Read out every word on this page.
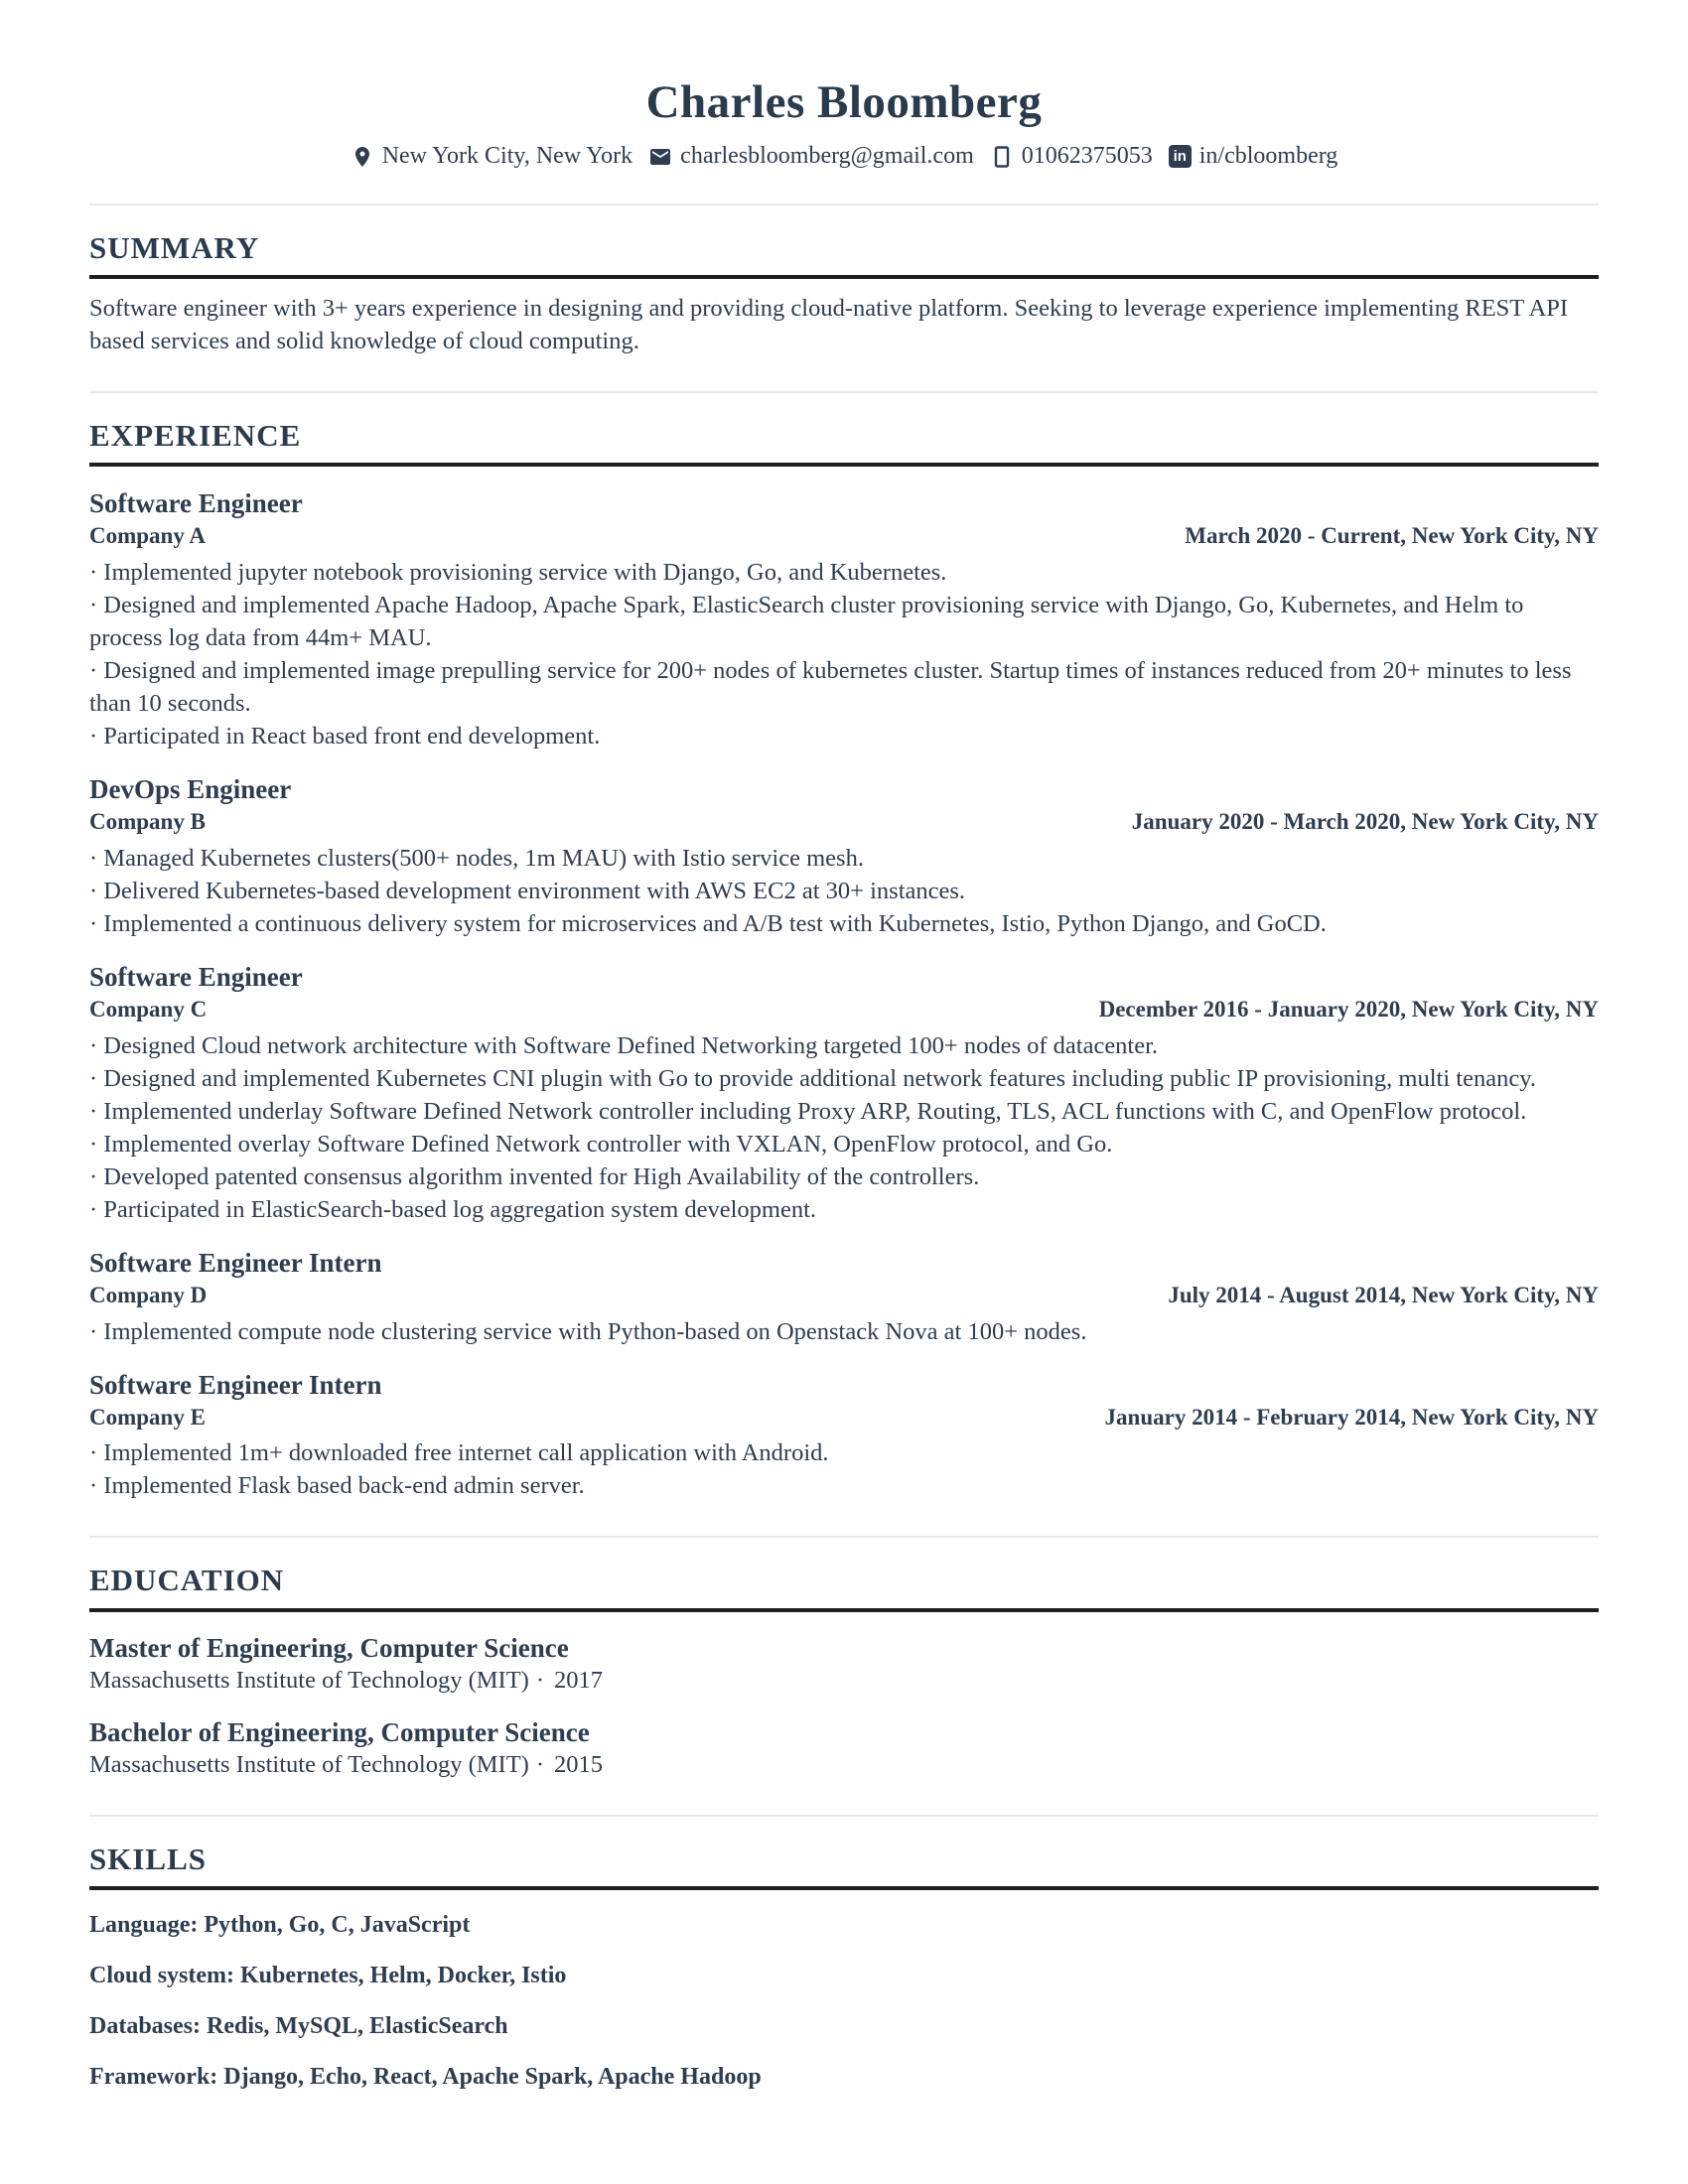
Charles Bloomberg
New York City, New York charlesbloomberg@gmail.com 01062375053	in in/cbloomberg
SUMMARY
Software engineer with 3+ years experience in designing and providing cloud-native platform. Seeking to leverage experience implementing REST API based services and solid knowledge of cloud computing.
EXPERIENCE
Software Engineer
Company A	March 2020 - Current, New York City, NY
· Implemented jupyter notebook provisioning service with Django, Go, and Kubernetes.
· Designed and implemented Apache Hadoop, Apache Spark, ElasticSearch cluster provisioning service with Django, Go, Kubernetes, and Helm to process log data from 44m+ MAU.
· Designed and implemented image prepulling service for 200+ nodes of kubernetes cluster. Startup times of instances reduced from 20+ minutes to less than 10 seconds.
· Participated in React based front end development.
DevOps Engineer
Company B	January 2020 - March 2020, New York City, NY
· Managed Kubernetes clusters(500+ nodes, 1m MAU) with Istio service mesh.
· Delivered Kubernetes-based development environment with AWS EC2 at 30+ instances.
· Implemented a continuous delivery system for microservices and A/B test with Kubernetes, Istio, Python Django, and GoCD.
Software Engineer
Company C	December 2016 - January 2020, New York City, NY
· Designed Cloud network architecture with Software Defined Networking targeted 100+ nodes of datacenter.
· Designed and implemented Kubernetes CNI plugin with Go to provide additional network features including public IP provisioning, multi tenancy.
· Implemented underlay Software Defined Network controller including Proxy ARP, Routing, TLS, ACL functions with C, and OpenFlow protocol.
· Implemented overlay Software Defined Network controller with VXLAN, OpenFlow protocol, and Go.
· Developed patented consensus algorithm invented for High Availability of the controllers.
· Participated in ElasticSearch-based log aggregation system development.
Software Engineer Intern
Company D	July 2014 - August 2014, New York City, NY
· Implemented compute node clustering service with Python-based on Openstack Nova at 100+ nodes.
Software Engineer Intern
Company E	January 2014 - February 2014, New York City, NY
· Implemented 1m+ downloaded free internet call application with Android.
· Implemented Flask based back-end admin server.
EDUCATION
Master of Engineering, Computer Science
Massachusetts Institute of Technology (MIT) · 2017
Bachelor of Engineering, Computer Science
Massachusetts Institute of Technology (MIT) · 2015
SKILLS
Language: Python, Go, C, JavaScript
Cloud system: Kubernetes, Helm, Docker, Istio
Databases: Redis, MySQL, ElasticSearch
Framework: Django, Echo, React, Apache Spark, Apache Hadoop
